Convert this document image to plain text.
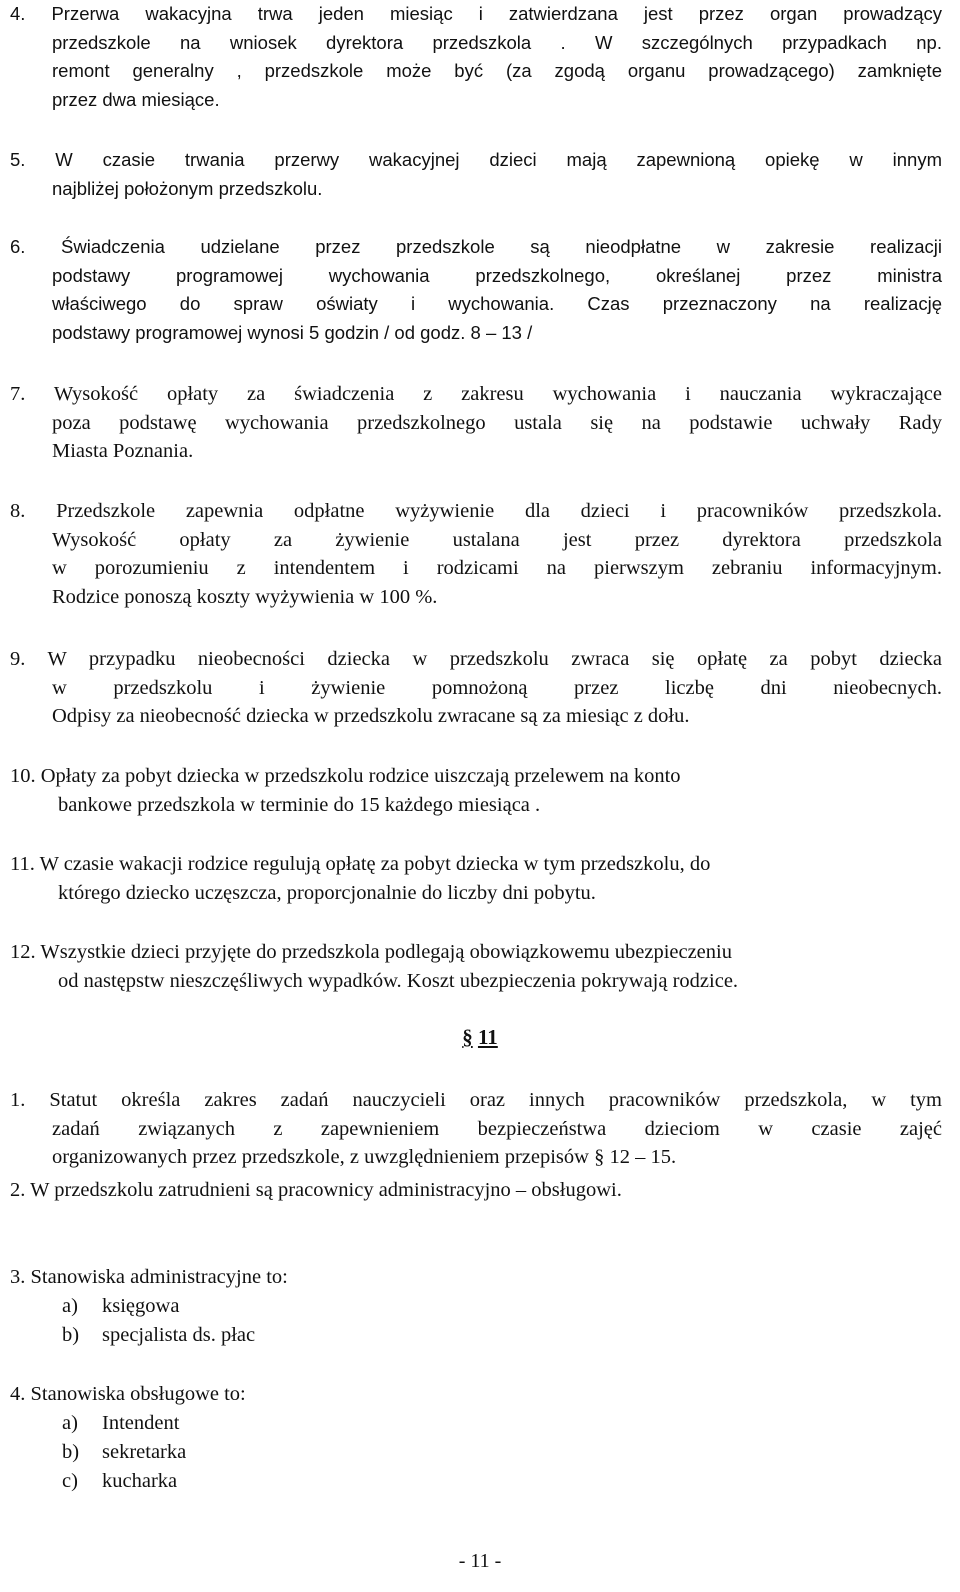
4. Przerwa wakacyjna trwa jeden miesiąc i zatwierdzana jest przez organ prowadzący
przedszkole na wniosek dyrektora przedszkola . W szczególnych przypadkach np.
remont generalny , przedszkole może być (za zgodą organu prowadzącego) zamknięte
przez dwa miesiące.
5. W czasie trwania przerwy wakacyjnej dzieci mają zapewnioną opiekę w innym
najbliżej położonym przedszkolu.
6. Świadczenia udzielane przez przedszkole są nieodpłatne w zakresie realizacji
podstawy programowej wychowania przedszkolnego, określanej przez ministra
właściwego do spraw oświaty i wychowania. Czas przeznaczony na realizację
podstawy programowej wynosi 5 godzin / od godz. 8 – 13 /
7. Wysokość opłaty za świadczenia z zakresu wychowania i nauczania wykraczające
poza podstawę wychowania przedszkolnego ustala się na podstawie uchwały Rady
Miasta Poznania.
8. Przedszkole zapewnia odpłatne wyżywienie dla dzieci i pracowników przedszkola.
Wysokość opłaty za żywienie ustalana jest przez dyrektora przedszkola
w porozumieniu z intendentem i rodzicami na pierwszym zebraniu informacyjnym.
Rodzice ponoszą koszty wyżywienia w 100 %.
9. W przypadku nieobecności dziecka w przedszkolu zwraca się opłatę za pobyt dziecka
w przedszkolu i żywienie pomnożoną przez liczbę dni nieobecnych.
Odpisy za nieobecność dziecka w przedszkolu zwracane są za miesiąc z dołu.
10. Opłaty za pobyt dziecka w przedszkolu rodzice uiszczają przelewem na konto
bankowe przedszkola w terminie do 15 każdego miesiąca .
11. W czasie wakacji rodzice regulują opłatę za pobyt dziecka w tym przedszkolu, do
którego dziecko uczęszcza, proporcjonalnie do liczby dni pobytu.
12. Wszystkie dzieci przyjęte do przedszkola podlegają obowiązkowemu ubezpieczeniu
od następstw nieszczęśliwych wypadków. Koszt ubezpieczenia pokrywają rodzice.
§ 11
1. Statut określa zakres zadań nauczycieli oraz innych pracowników przedszkola, w tym
zadań związanych z zapewnieniem bezpieczeństwa dzieciom w czasie zajęć
organizowanych przez przedszkole, z uwzględnieniem przepisów § 12 – 15.
2. W przedszkolu zatrudnieni są pracownicy administracyjno – obsługowi.
3. Stanowiska administracyjne to:
a) księgowa
b) specjalista ds. płac
4. Stanowiska obsługowe to:
a) Intendent
b) sekretarka
c) kucharka
- 11 -
